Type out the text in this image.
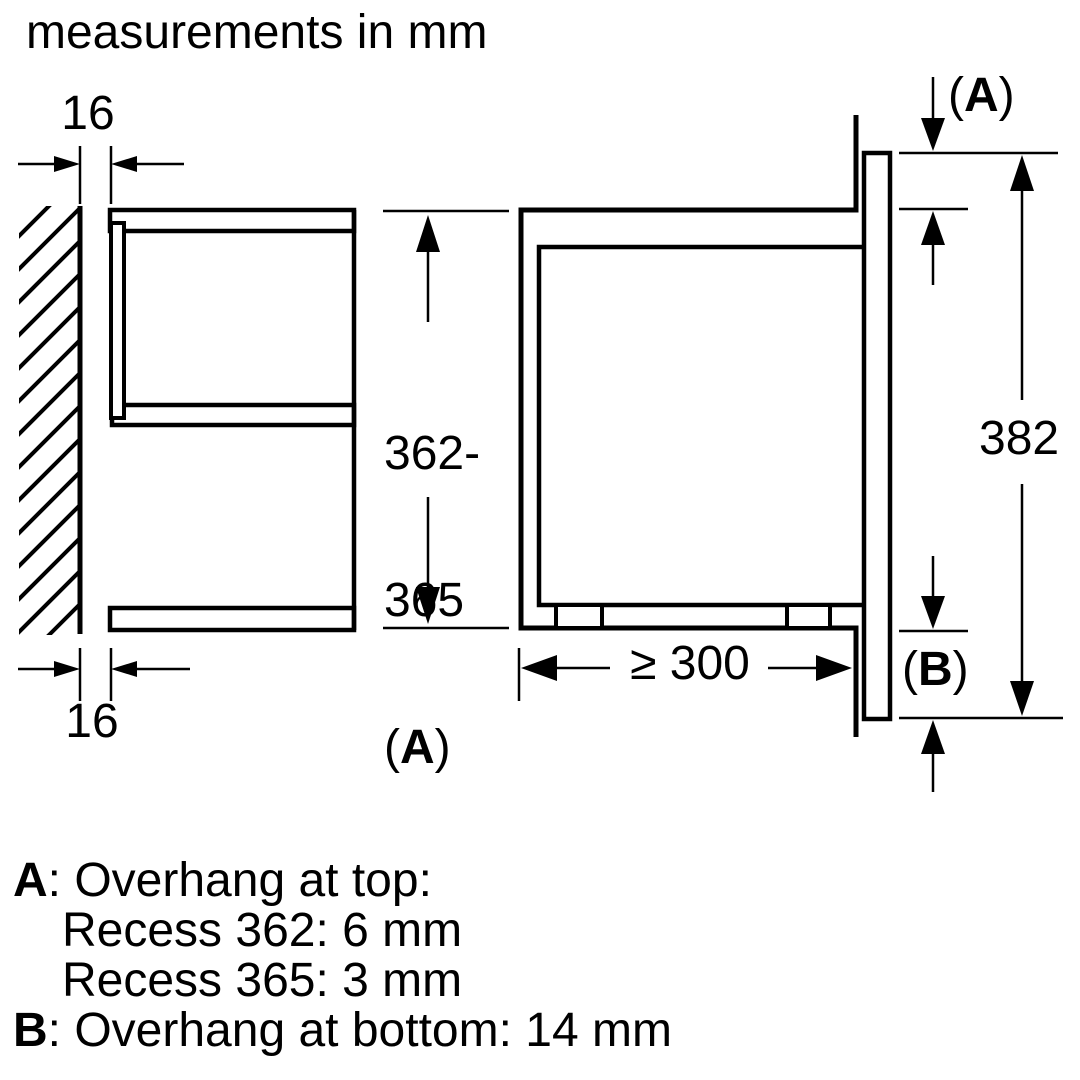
measurements in mm
16
16

362-

365

(A)

(A)
(B)
382
≥ 300
A: Overhang at top:
Recess 362: 6 mm
Recess 365: 3 mm
B: Overhang at bottom: 14 mm
